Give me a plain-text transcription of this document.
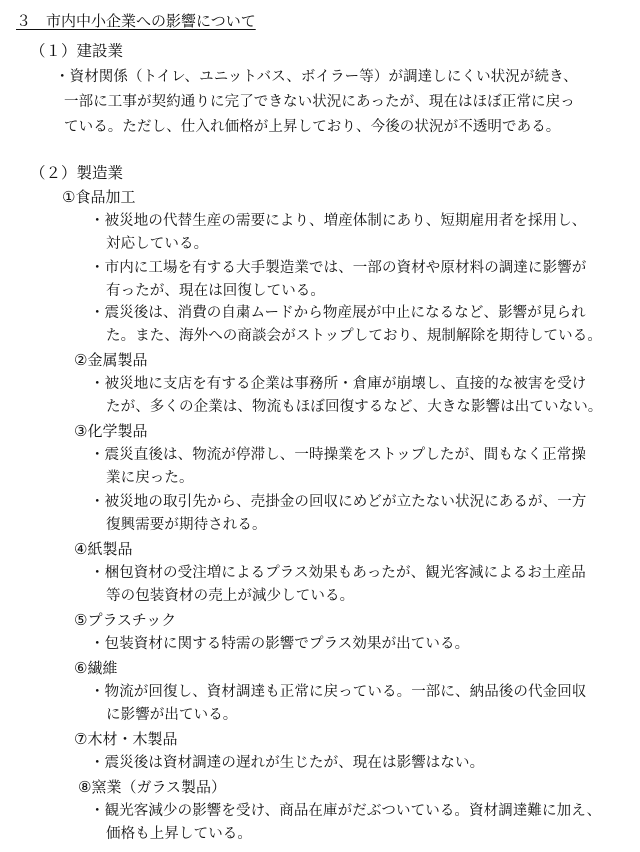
３　市内中小企業への影響について
（１）建設業
・資材関係（トイレ、ユニットバス、ボイラー等）が調達しにくい状況が続き、
一部に工事が契約通りに完了できない状況にあったが、現在はほぼ正常に戻っ
ている。ただし、仕入れ価格が上昇しており、今後の状況が不透明である。
（２）製造業
①食品加工
・被災地の代替生産の需要により、増産体制にあり、短期雇用者を採用し、
対応している。
・市内に工場を有する大手製造業では、一部の資材や原材料の調達に影響が
有ったが、現在は回復している。
・震災後は、消費の自粛ムードから物産展が中止になるなど、影響が見られ
た。また、海外への商談会がストップしており、規制解除を期待している。
②金属製品
・被災地に支店を有する企業は事務所・倉庫が崩壊し、直接的な被害を受け
たが、多くの企業は、物流もほぼ回復するなど、大きな影響は出ていない。
③化学製品
・震災直後は、物流が停滞し、一時操業をストップしたが、間もなく正常操
業に戻った。
・被災地の取引先から、売掛金の回収にめどが立たない状況にあるが、一方
復興需要が期待される。
④紙製品
・梱包資材の受注増によるプラス効果もあったが、観光客減によるお土産品
等の包装資材の売上が減少している。
⑤プラスチック
・包装資材に関する特需の影響でプラス効果が出ている。
⑥繊維
・物流が回復し、資材調達も正常に戻っている。一部に、納品後の代金回収
に影響が出ている。
⑦木材・木製品
・震災後は資材調達の遅れが生じたが、現在は影響はない。
⑧窯業（ガラス製品）
・観光客減少の影響を受け、商品在庫がだぶついている。資材調達難に加え、
価格も上昇している。
